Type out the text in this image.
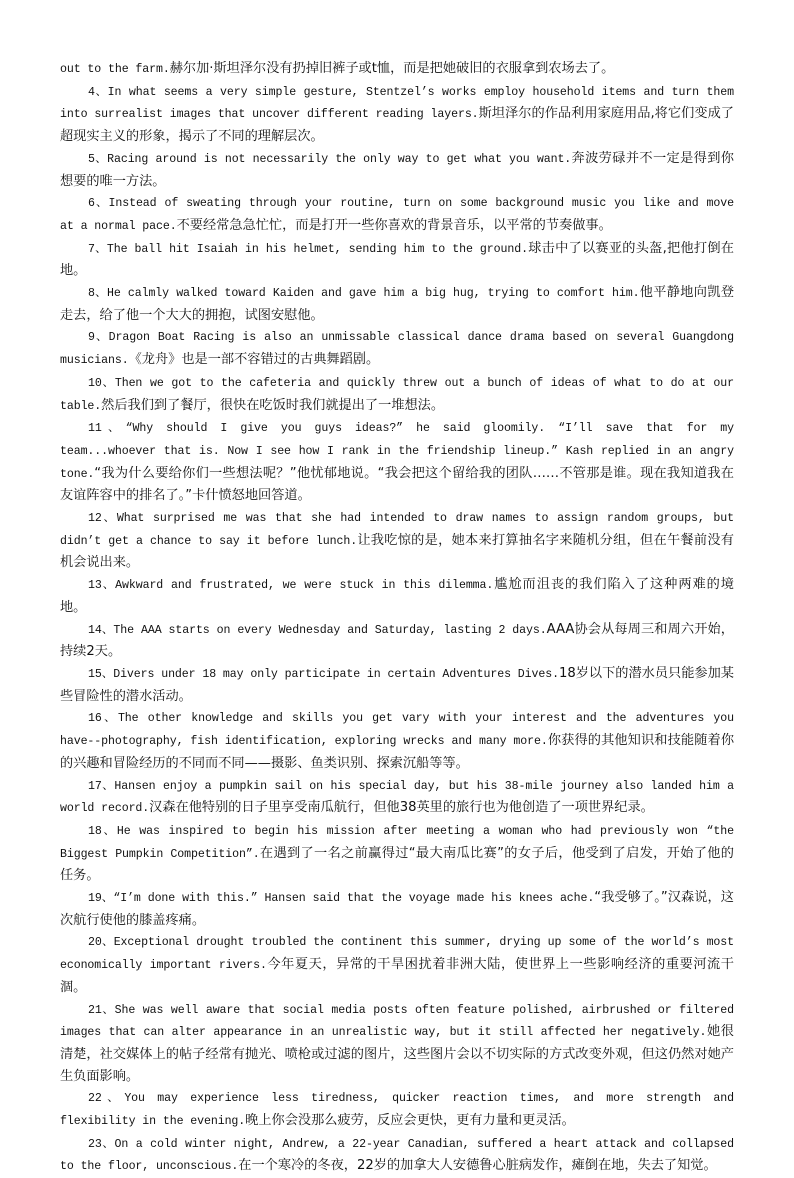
out to the farm.赫尔加·斯坦泽尔没有扔掉旧裤子或t恤，而是把她破旧的衣服拿到农场去了。

4、In what seems a very simple gesture, Stentzel’s works employ household items and turn them into surrealist images that uncover different reading layers.斯坦泽尔的作品利用家庭用品,将它们变成了超现实主义的形象，揭示了不同的理解层次。

5、Racing around is not necessarily the only way to get what you want.奔波劳碌并不一定是得到你想要的唯一方法。

6、Instead of sweating through your routine, turn on some background music you like and move at a normal pace.不要经常急急忙忙，而是打开一些你喜欢的背景音乐，以平常的节奏做事。

7、The ball hit Isaiah in his helmet, sending him to the ground.球击中了以赛亚的头盔,把他打倒在地。

8、He calmly walked toward Kaiden and gave him a big hug, trying to comfort him.他平静地向凯登走去，给了他一个大大的拥抱，试图安慰他。

9、Dragon Boat Racing is also an unmissable classical dance drama based on several Guangdong musicians.《龙舟》也是一部不容错过的古典舞蹈剧。

10、Then we got to the cafeteria and quickly threw out a bunch of ideas of what to do at our table.然后我们到了餐厅，很快在吃饭时我们就提出了一堆想法。

11、“Why should I give you guys ideas?” he said gloomily. “I’ll save that for my team...whoever that is. Now I see how I rank in the friendship lineup.” Kash replied in an angry tone.“我为什么要给你们一些想法呢？”他忧郁地说。“我会把这个留给我的团队……不管那是谁。现在我知道我在友谊阵容中的排名了。”卡什愤怒地回答道。

12、What surprised me was that she had intended to draw names to assign random groups, but didn’t get a chance to say it before lunch.让我吃惊的是，她本来打算抽名字来随机分组，但在午餐前没有机会说出来。

13、Awkward and frustrated, we were stuck in this dilemma.尴尬而沮丧的我们陷入了这种两难的境地。

14、The AAA starts on every Wednesday and Saturday, lasting 2 days.AAA协会从每周三和周六开始，持续2天。

15、Divers under 18 may only participate in certain Adventures Dives.18岁以下的潜水员只能参加某些冒险性的潜水活动。

16、The other knowledge and skills you get vary with your interest and the adventures you have--photography, fish identification, exploring wrecks and many more.你获得的其他知识和技能随着你的兴趣和冒险经历的不同而不同——摄影、鱼类识别、探索沉船等等。

17、Hansen enjoy a pumpkin sail on his special day, but his 38-mile journey also landed him a world record.汉森在他特别的日子里享受南瓜航行，但他38英里的旅行也为他创造了一项世界纪录。

18、He was inspired to begin his mission after meeting a woman who had previously won “the Biggest Pumpkin Competition”.在遇到了一名之前赢得过“最大南瓜比赛”的女子后，他受到了启发，开始了他的任务。

19、“I’m done with this.” Hansen said that the voyage made his knees ache.“我受够了。”汉森说，这次航行使他的膝盖疼痛。

20、Exceptional drought troubled the continent this summer, drying up some of the world’s most economically important rivers.今年夏天，异常的干旱困扰着非洲大陆，使世界上一些影响经济的重要河流干涸。

21、She was well aware that social media posts often feature polished, airbrushed or filtered images that can alter appearance in an unrealistic way, but it still affected her negatively.她很清楚，社交媒体上的帖子经常有抛光、喷枪或过滤的图片，这些图片会以不切实际的方式改变外观，但这仍然对她产生负面影响。

22、You may experience less tiredness, quicker reaction times, and more strength and flexibility in the evening.晚上你会没那么疲劳，反应会更快，更有力量和更灵活。

23、On a cold winter night, Andrew, a 22-year Canadian, suffered a heart attack and collapsed to the floor, unconscious.在一个寒冷的冬夜，22岁的加拿大人安德鲁心脏病发作，瘫倒在地，失去了知觉。
